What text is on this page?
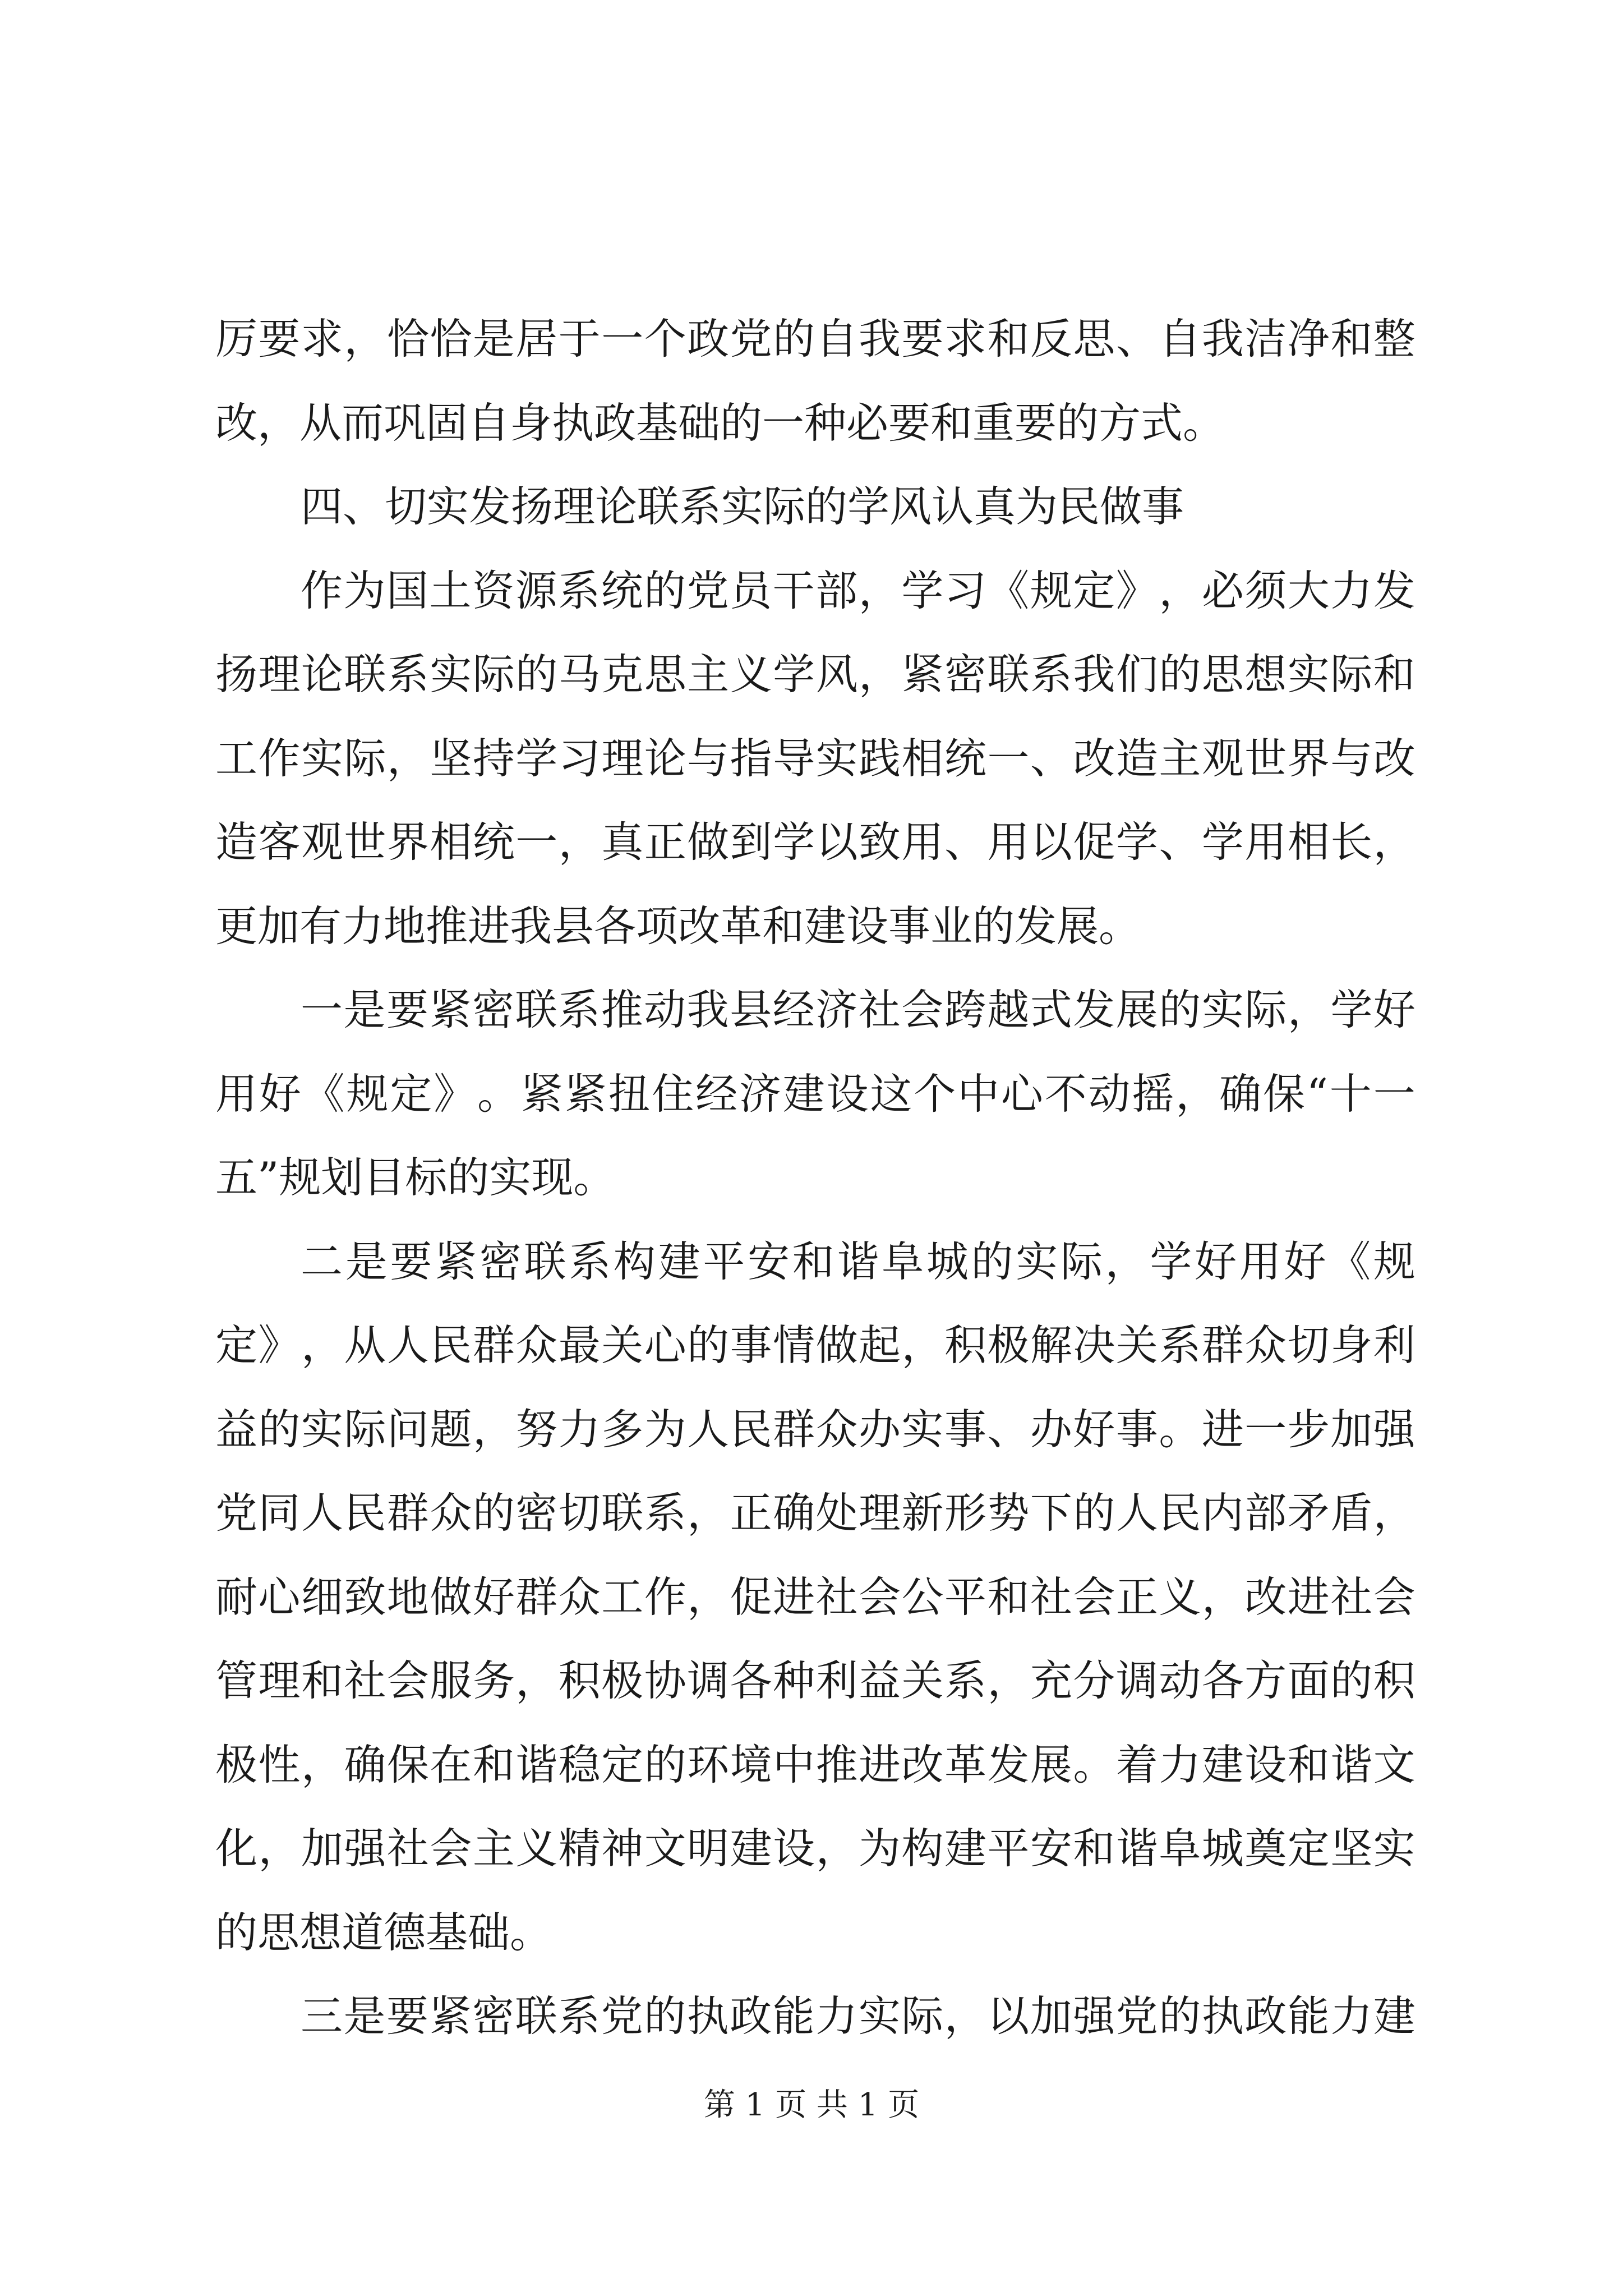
厉 要 求 ， 恰 恰 是 居 于 一 个 政 党 的 自 我 要 求 和 反 思 、 自 我 洁 净 和 整
改，从而巩固自身执政基础的一种必要和重要的方式。
四、切实发扬理论联系实际的学风认真为民做事
作 为 国 土 资 源 系 统 的 党 员 干 部 ， 学 习 《 规 定 》 ， 必 须 大 力 发
扬 理 论 联 系 实 际 的 马 克 思 主 义 学 风 ， 紧 密 联 系 我 们 的 思 想 实 际 和
工 作 实 际 ， 坚 持 学 习 理 论 与 指 导 实 践 相 统 一 、 改 造 主 观 世 界 与 改
造 客 观 世 界 相 统 一 ， 真 正 做 到 学 以 致 用 、 用 以 促 学 、 学 用 相 长 ，
更加有力地推进我县各项改革和建设事业的发展。
一 是 要 紧 密 联 系 推 动 我 县 经 济 社 会 跨 越 式 发 展 的 实 际 ， 学 好
用 好 《 规 定 》 。 紧 紧 扭 住 经 济 建 设 这 个 中 心 不 动 摇 ， 确 保 “ 十 一
五”规划目标的实现。
二 是 要 紧 密 联 系 构 建 平 安 和 谐 阜 城 的 实 际 ， 学 好 用 好 《 规
定 》 ， 从 人 民 群 众 最 关 心 的 事 情 做 起 ， 积 极 解 决 关 系 群 众 切 身 利
益 的 实 际 问 题 ， 努 力 多 为 人 民 群 众 办 实 事 、 办 好 事 。 进 一 步 加 强
党 同 人 民 群 众 的 密 切 联 系 ， 正 确 处 理 新 形 势 下 的 人 民 内 部 矛 盾 ，
耐 心 细 致 地 做 好 群 众 工 作 ， 促 进 社 会 公 平 和 社 会 正 义 ， 改 进 社 会
管 理 和 社 会 服 务 ， 积 极 协 调 各 种 利 益 关 系 ， 充 分 调 动 各 方 面 的 积
极 性 ， 确 保 在 和 谐 稳 定 的 环 境 中 推 进 改 革 发 展 。 着 力 建 设 和 谐 文
化 ， 加 强 社 会 主 义 精 神 文 明 建 设 ， 为 构 建 平 安 和 谐 阜 城 奠 定 坚 实
的思想道德基础。
三 是 要 紧 密 联 系 党 的 执 政 能 力 实 际 ， 以 加 强 党 的 执 政 能 力 建
第 1 页 共 1 页
